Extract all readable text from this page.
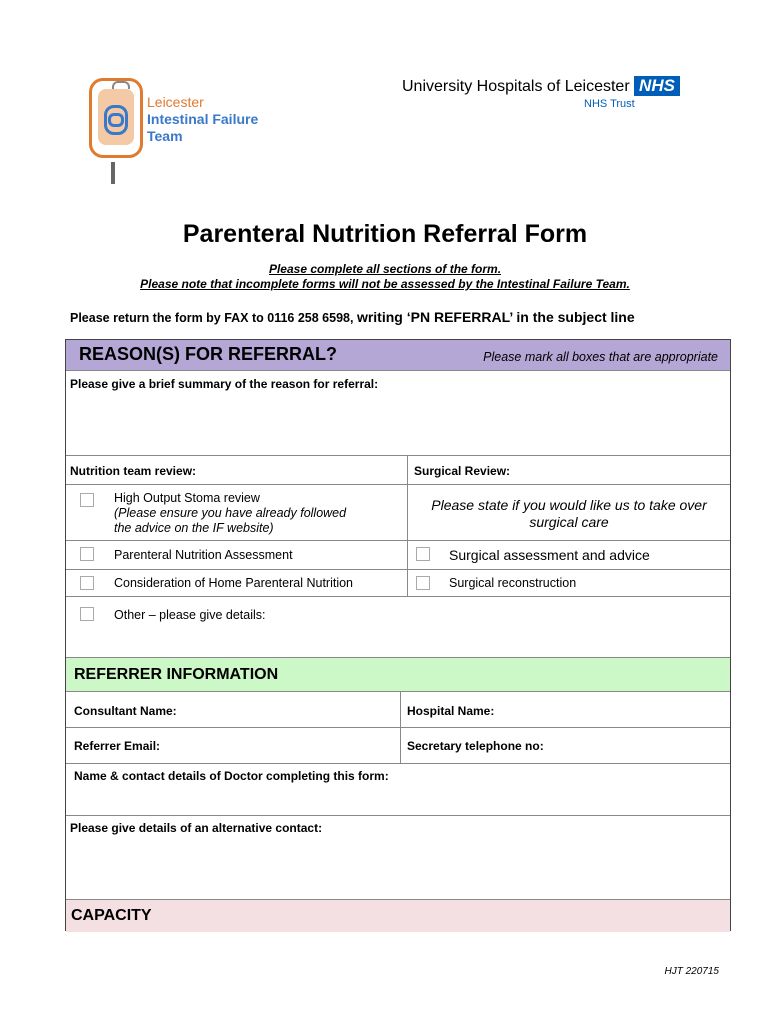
Leicester
Intestinal Failure
Team
University Hospitals of Leicester NHS
NHS Trust
Parenteral Nutrition Referral Form
Please complete all sections of the form.
Please note that incomplete forms will not be assessed by the Intestinal Failure Team.
Please return the form by FAX to 0116 258 6598, writing ‘PN REFERRAL’ in the subject line
REASON(S) FOR REFERRAL?	Please mark all boxes that are appropriate
Please give a brief summary of the reason for referral:
Nutrition team review:	Surgical Review:
High Output Stoma review
(Please ensure you have already followed
the advice on the IF website)
Please state if you would like us to take over
surgical care
Parenteral Nutrition Assessment	Surgical assessment and advice
Consideration of Home Parenteral Nutrition	Surgical reconstruction
Other – please give details:
REFERRER INFORMATION
Consultant Name:	Hospital Name:
Referrer Email:	Secretary telephone no:
Name & contact details of Doctor completing this form:
Please give details of an alternative contact:
CAPACITY
HJT 220715
